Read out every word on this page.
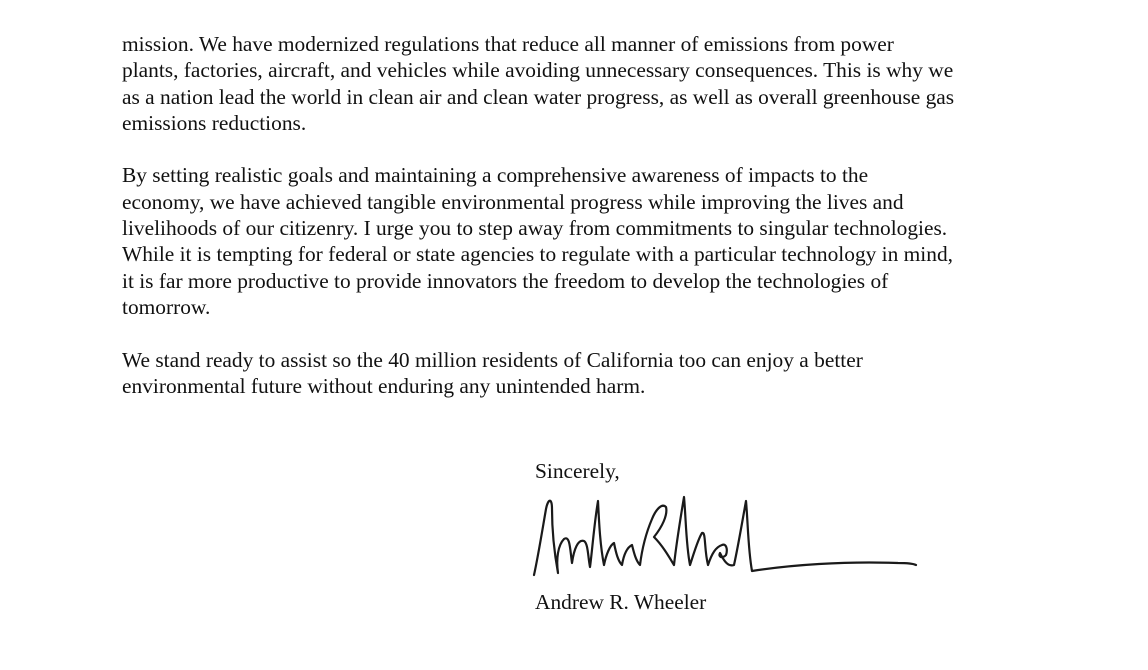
mission. We have modernized regulations that reduce all manner of emissions from power
plants, factories, aircraft, and vehicles while avoiding unnecessary consequences. This is why we
as a nation lead the world in clean air and clean water progress, as well as overall greenhouse gas
emissions reductions.

By setting realistic goals and maintaining a comprehensive awareness of impacts to the
economy, we have achieved tangible environmental progress while improving the lives and
livelihoods of our citizenry. I urge you to step away from commitments to singular technologies.
While it is tempting for federal or state agencies to regulate with a particular technology in mind,
it is far more productive to provide innovators the freedom to develop the technologies of
tomorrow.

We stand ready to assist so the 40 million residents of California too can enjoy a better
environmental future without enduring any unintended harm.

Sincerely,
Andrew R. Wheeler
